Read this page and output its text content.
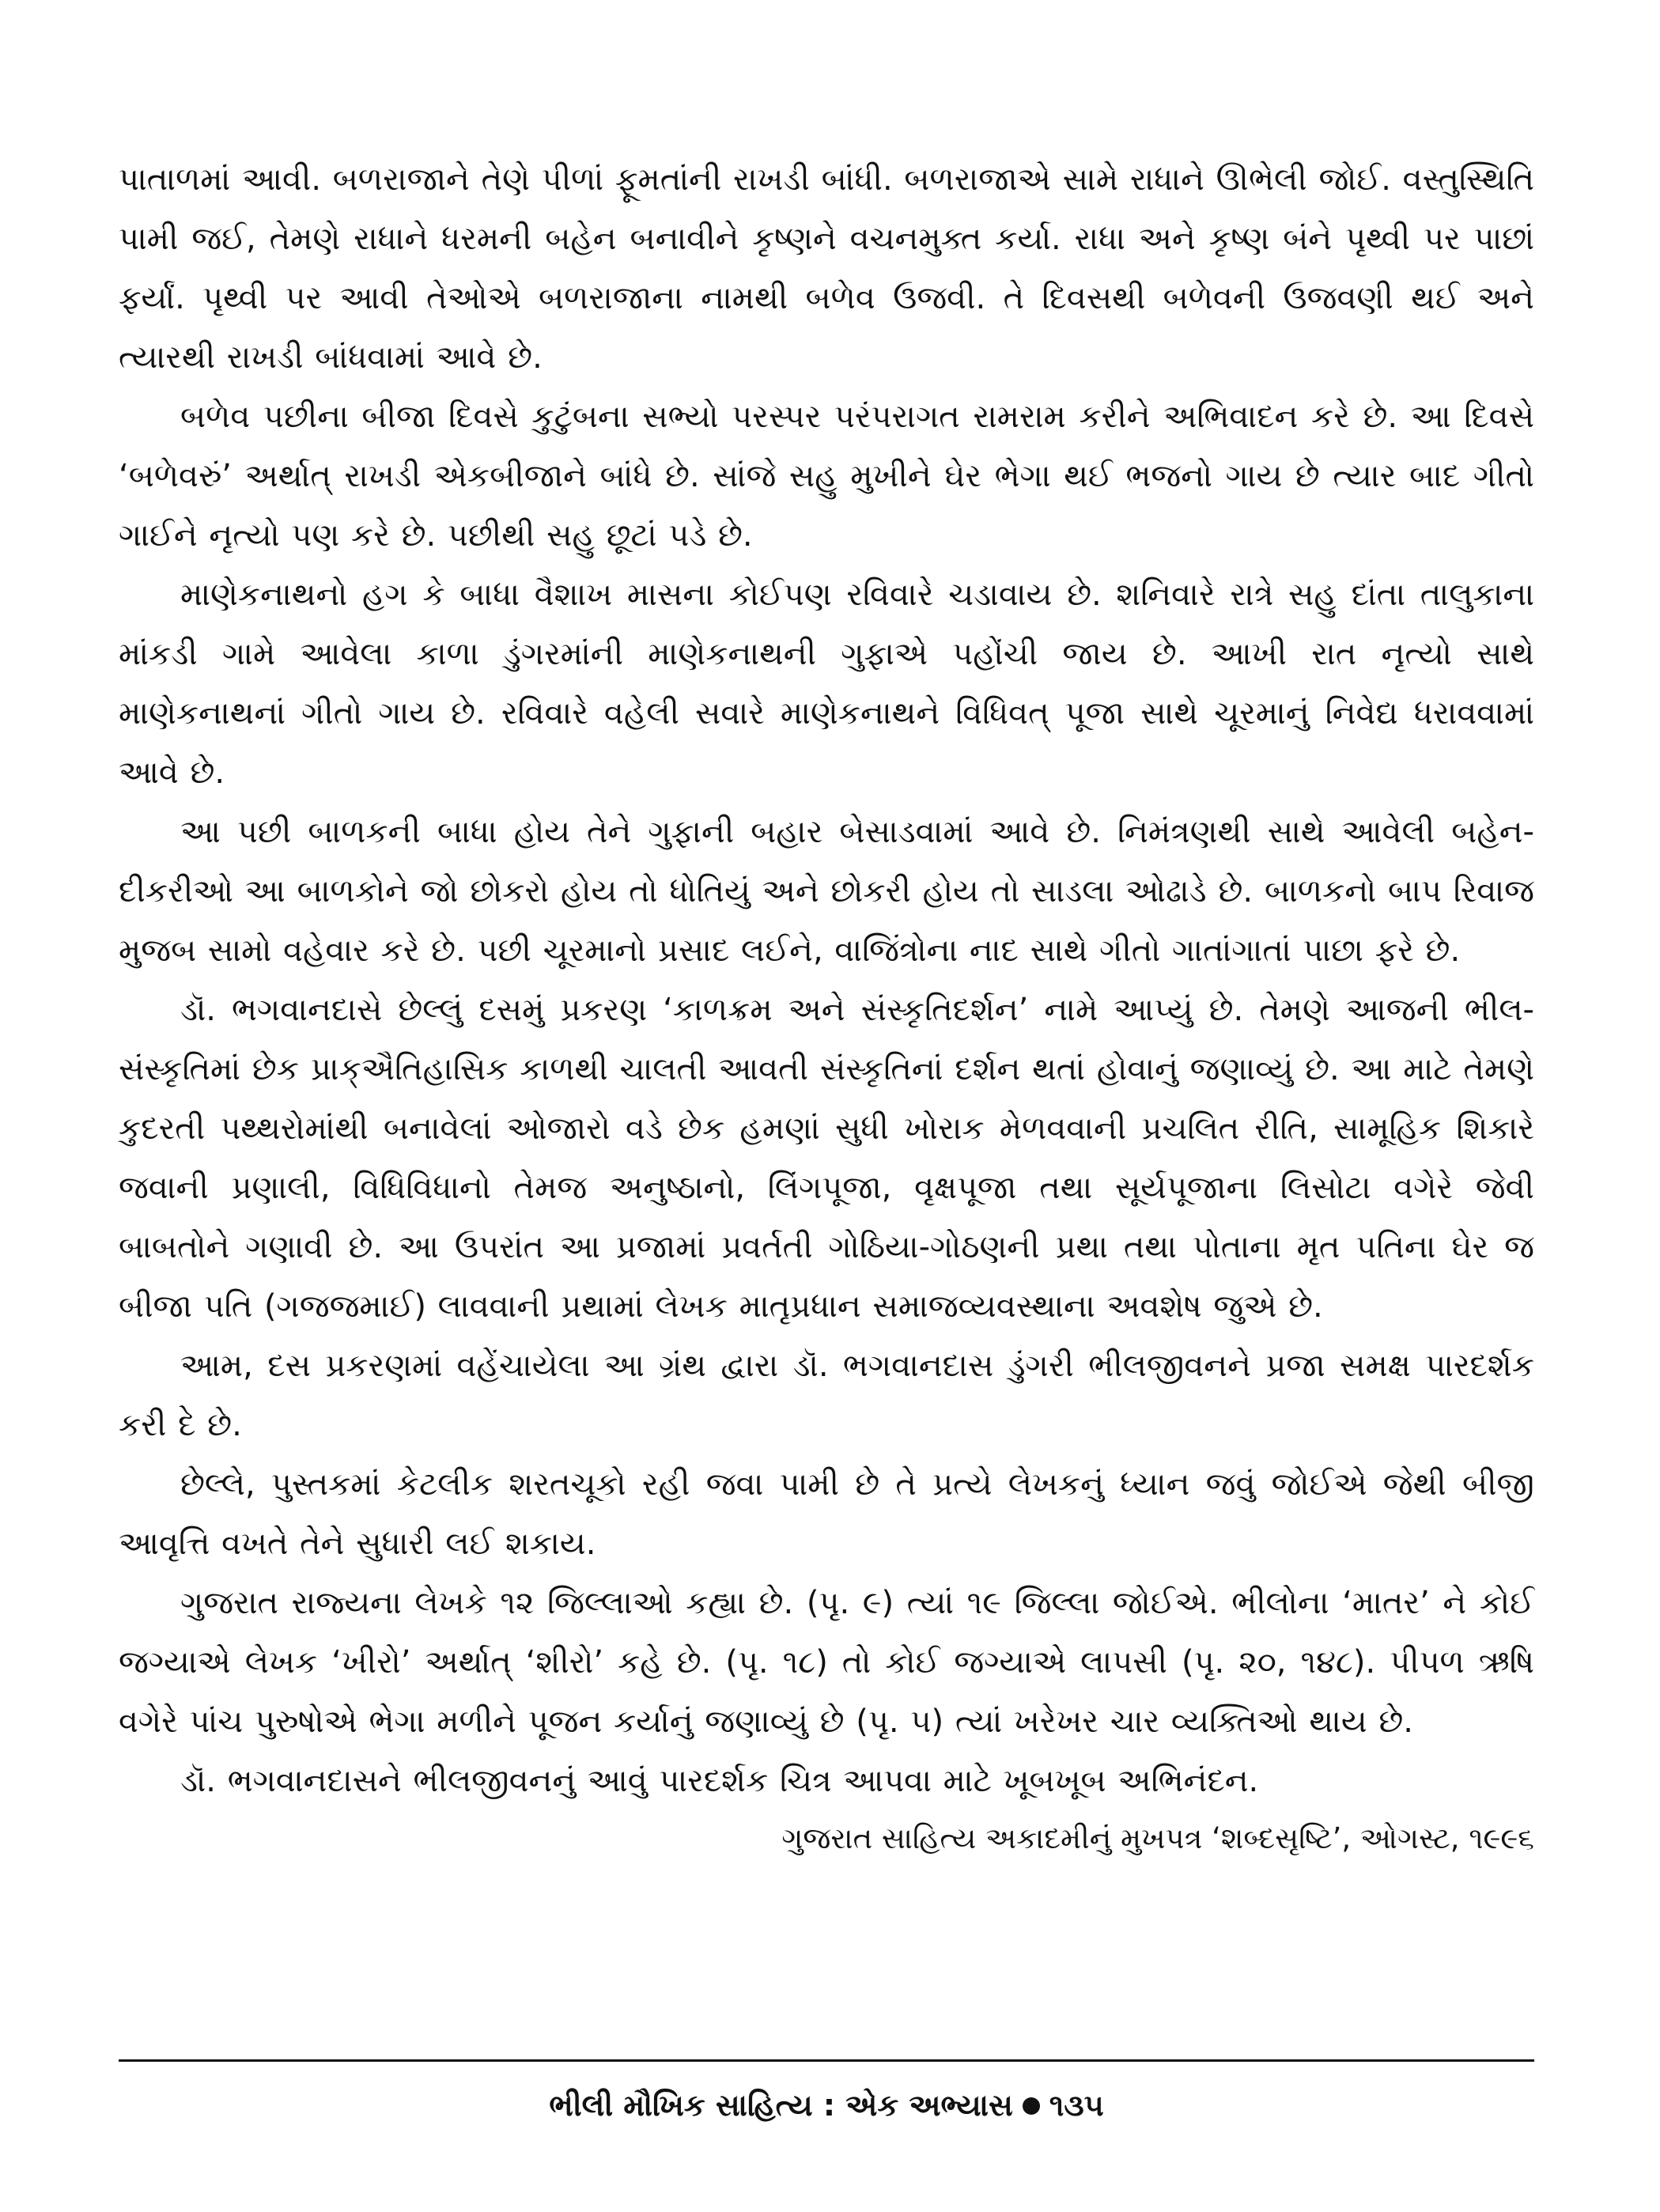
પાતાળમાં આવી. બળરાજાને તેણે પીળાં ફૂમતાંની રાખડી બાંધી. બળરાજાએ સામે રાધાને ઊભેલી જોઈ. વસ્તુસ્થિતિ પામી જઈ, તેમણે રાધાને ધરમની બહેન બનાવીને કૃષ્ણને વચનમુક્ત કર્યા. રાધા અને કૃષ્ણ બંને પૃથ્વી પર પાછાં ફર્યાં. પૃથ્વી પર આવી તેઓએ બળરાજાના નામથી બળેવ ઉજવી. તે દિવસથી બળેવની ઉજવણી થઈ અને ત્યારથી રાખડી બાંધવામાં આવે છે.

બળેવ પછીના બીજા દિવસે કુટુંબના સભ્યો પરસ્પર પરંપરાગત રામરામ કરીને અભિવાદન કરે છે. આ દિવસે ‘બળેવરું’ અર્થાત્ રાખડી એકબીજાને બાંધે છે. સાંજે સહુ મુખીને ઘેર ભેગા થઈ ભજનો ગાય છે ત્યાર બાદ ગીતો ગાઈને નૃત્યો પણ કરે છે. પછીથી સહુ છૂટાં પડે છે.

માણેકનાથનો હગ કે બાધા વૈશાખ માસના કોઈપણ રવિવારે ચડાવાય છે. શનિવારે રાત્રે સહુ દાંતા તાલુકાના માંકડી ગામે આવેલા કાળા ડુંગરમાંની માણેકનાથની ગુફાએ પહોંચી જાય છે. આખી રાત નૃત્યો સાથે માણેકનાથનાં ગીતો ગાય છે. રવિવારે વહેલી સવારે માણેકનાથને વિધિવત્ પૂજા સાથે ચૂરમાનું નિવેદ્ય ધરાવવામાં આવે છે.

આ પછી બાળકની બાધા હોય તેને ગુફાની બહાર બેસાડવામાં આવે છે. નિમંત્રણથી સાથે આવેલી બહેન-દીકરીઓ આ બાળકોને જો છોકરો હોય તો ધોતિયું અને છોકરી હોય તો સાડલા ઓઢાડે છે. બાળકનો બાપ રિવાજ મુજબ સામો વહેવાર કરે છે. પછી ચૂરમાનો પ્રસાદ લઈને, વાજિંત્રોના નાદ સાથે ગીતો ગાતાંગાતાં પાછા ફરે છે.

ડૉ. ભગવાનદાસે છેલ્લું દસમું પ્રકરણ ‘કાળક્રમ અને સંસ્કૃતિદર્શન’ નામે આપ્યું છે. તેમણે આજની ભીલ-સંસ્કૃતિમાં છેક પ્રાક્ઐતિહાસિક કાળથી ચાલતી આવતી સંસ્કૃતિનાં દર્શન થતાં હોવાનું જણાવ્યું છે. આ માટે તેમણે કુદરતી પથ્થરોમાંથી બનાવેલાં ઓજારો વડે છેક હમણાં સુધી ખોરાક મેળવવાની પ્રચલિત રીતિ, સામૂહિક શિકારે જવાની પ્રણાલી, વિધિવિધાનો તેમજ અનુષ્ઠાનો, લિંગપૂજા, વૃક્ષપૂજા તથા સૂર્યપૂજાના લિસોટા વગેરે જેવી બાબતોને ગણાવી છે. આ ઉપરાંત આ પ્રજામાં પ્રવર્તતી ગોઠિયા-ગોઠણની પ્રથા તથા પોતાના મૃત પતિના ઘેર જ બીજા પતિ (ગજજમાઈ) લાવવાની પ્રથામાં લેખક માતૃપ્રધાન સમાજવ્યવસ્થાના અવશેષ જુએ છે.

આમ, દસ પ્રકરણમાં વહેંચાયેલા આ ગ્રંથ દ્વારા ડૉ. ભગવાનદાસ ડુંગરી ભીલજીવનને પ્રજા સમક્ષ પારદર્શક કરી દે છે.

છેલ્લે, પુસ્તકમાં કેટલીક શરતચૂકો રહી જવા પામી છે તે પ્રત્યે લેખકનું ધ્યાન જવું જોઈએ જેથી બીજી આવૃત્તિ વખતે તેને સુધારી લઈ શકાય.

ગુજરાત રાજ્યના લેખકે ૧૨ જિલ્લાઓ કહ્યા છે. (પૃ. ૯) ત્યાં ૧૯ જિલ્લા જોઈએ. ભીલોના ‘માતર’ ને કોઈ જગ્યાએ લેખક ‘ખીરો’ અર્થાત્ ‘શીરો’ કહે છે. (પૃ. ૧૮) તો કોઈ જગ્યાએ લાપસી (પૃ. ૨૦, ૧૪૮). પીપળ ઋષિ વગેરે પાંચ પુરુષોએ ભેગા મળીને પૂજન કર્યાનું જણાવ્યું છે (પૃ. ૫) ત્યાં ખરેખર ચાર વ્યક્તિઓ થાય છે.

ડૉ. ભગવાનદાસને ભીલજીવનનું આવું પારદર્શક ચિત્ર આપવા માટે ખૂબખૂબ અભિનંદન.

ગુજરાત સાહિત્ય અકાદમીનું મુખપત્ર ‘શબ્દસૃષ્ટિ’, ઓગસ્ટ, ૧૯૯૬

ભીલી મૌખિક સાહિત્ય : એક અભ્યાસ ૧૩૫
